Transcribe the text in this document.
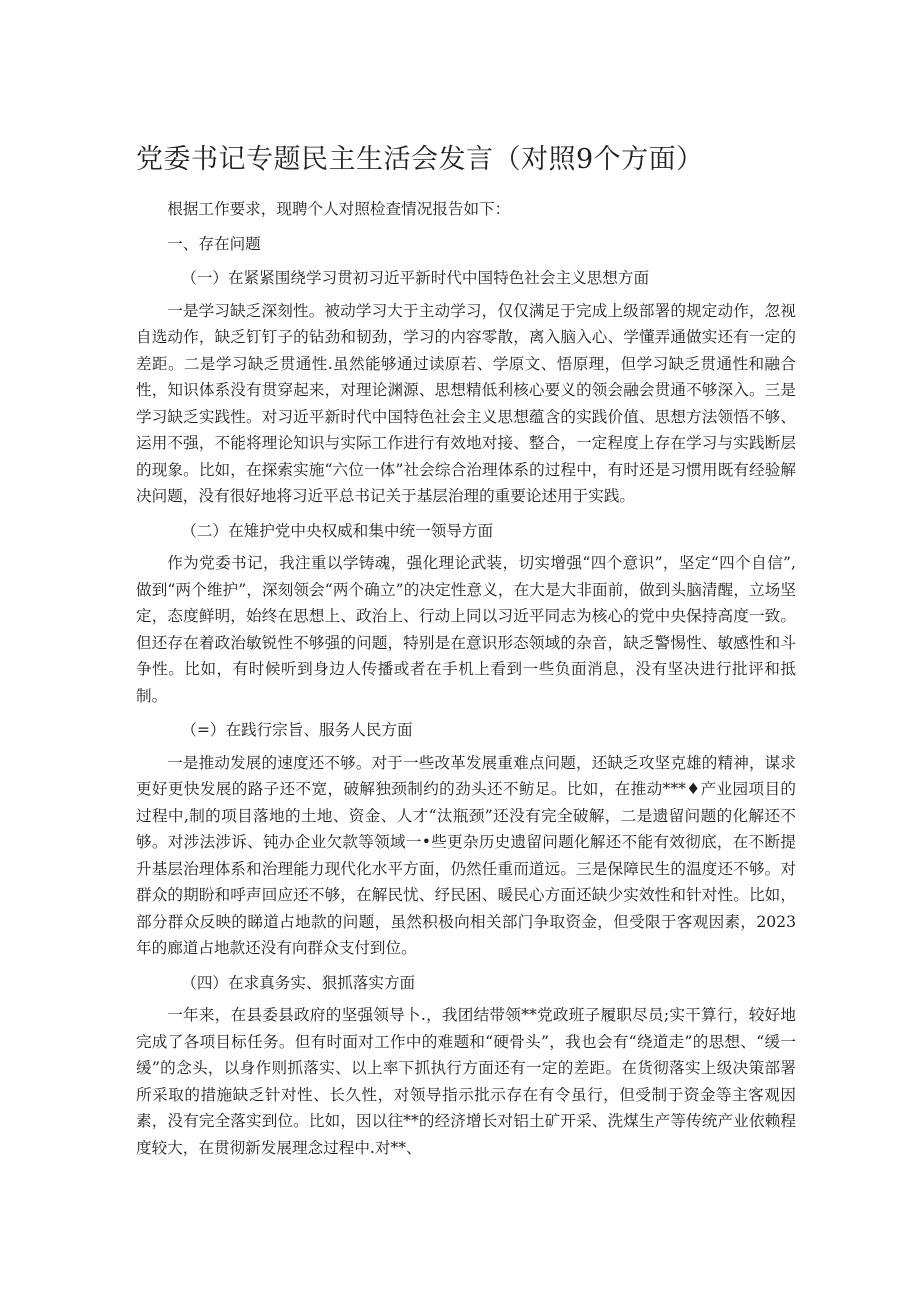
党委书记专题民主生活会发言（对照9个方面）

根据工作要求，现聘个人对照检查情况报告如下：

一、存在问题

（一）在紧紧围绕学习贯初习近平新时代中国特色社会主义思想方面

一是学习缺乏深刻性。被动学习大于主动学习，仅仅满足于完成上级部署的规定动作，忽视自选动作，缺乏钉钉子的钻劲和韧劲，学习的内容零散，离入脑入心、学懂弄通做实还有一定的差距。二是学习缺乏贯通性.虽然能够通过读原若、学原文、悟原理，但学习缺乏贯通性和融合性，知识体系没有贯穿起来，对理论渊源、思想精低利核心要义的领会融会贯通不够深入。三是学习缺乏实践性。对习近平新时代中国特色社会主义思想蕴含的实践价值、思想方法领悟不够、运用不强，不能将理论知识与实际工作进行有效地对接、整合，一定程度上存在学习与实践断层的现象。比如，在探索实施“六位一体”社会综合治理体系的过程中，有时还是习惯用既有经验解决问题，没有很好地将习近平总书记关于基层治理的重要论述用于实践。

（二）在雉护党中央权威和集中统一领导方面

作为党委书记，我注重以学铸魂，强化理论武装，切实增强“四个意识”，坚定“四个自信”,做到“两个维护”，深刻领会“两个确立”的决定性意义，在大是大非面前，做到头脑清醒，立场坚定，态度鲜明，始终在思想上、政治上、行动上同以习近平同志为核心的党中央保持高度一致。但还存在着政治敏锐性不够强的问题，特别是在意识形态领域的杂音，缺乏警惕性、敏感性和斗争性。比如，有时候听到身边人传播或者在手机上看到一些负面消息，没有坚决进行批评和抵制。

（=）在践行宗旨、服务人民方面

一是推动发展的速度还不够。对于一些改革发展重难点问题，还缺乏攻坚克雄的精神，谋求更好更快发展的路子还不宽，破解独颈制约的劲头还不鲂足。比如，在推动***♦产业园项目的过程中,制的项目落地的土地、资金、人才“汰瓶颈”还没有完全破解，二是遗留问题的化解还不够。对涉法涉诉、钝办企业欠款等领域一•些更杂历史遗留问题化解还不能有效彻底，在不断提升基层治理体系和治理能力现代化水平方面，仍然任重而道远。三是保障民生的温度还不够。对群众的期盼和呼声回应还不够，在解民忧、纾民困、暖民心方面还缺少实效性和针对性。比如，部分群众反映的睇道占地款的问题，虽然积极向相关部门争取资金，但受限于客观因素，2023年的廊道占地款还没有向群众支付到位。

（四）在求真务实、狠抓落实方面

一年来，在县委县政府的坚强领导卜.，我团结带领**党政班子履职尽员;实干算行，较好地完成了各项目标任务。但有时面对工作中的难题和“硬骨头”，我也会有“绕道走”的思想、“缓一缓”的念头，以身作则抓落实、以上率下抓执行方面还有一定的差距。在货彻落实上级决策部署所采取的措施缺乏针对性、长久性，对领导指示批示存在有令虽行，但受制于资金等主客观因素，没有完全落实到位。比如，因以往**的经济增长对铝土矿开采、洗煤生产等传统产业依赖程度较大，在贯彻新发展理念过程中.对**、
